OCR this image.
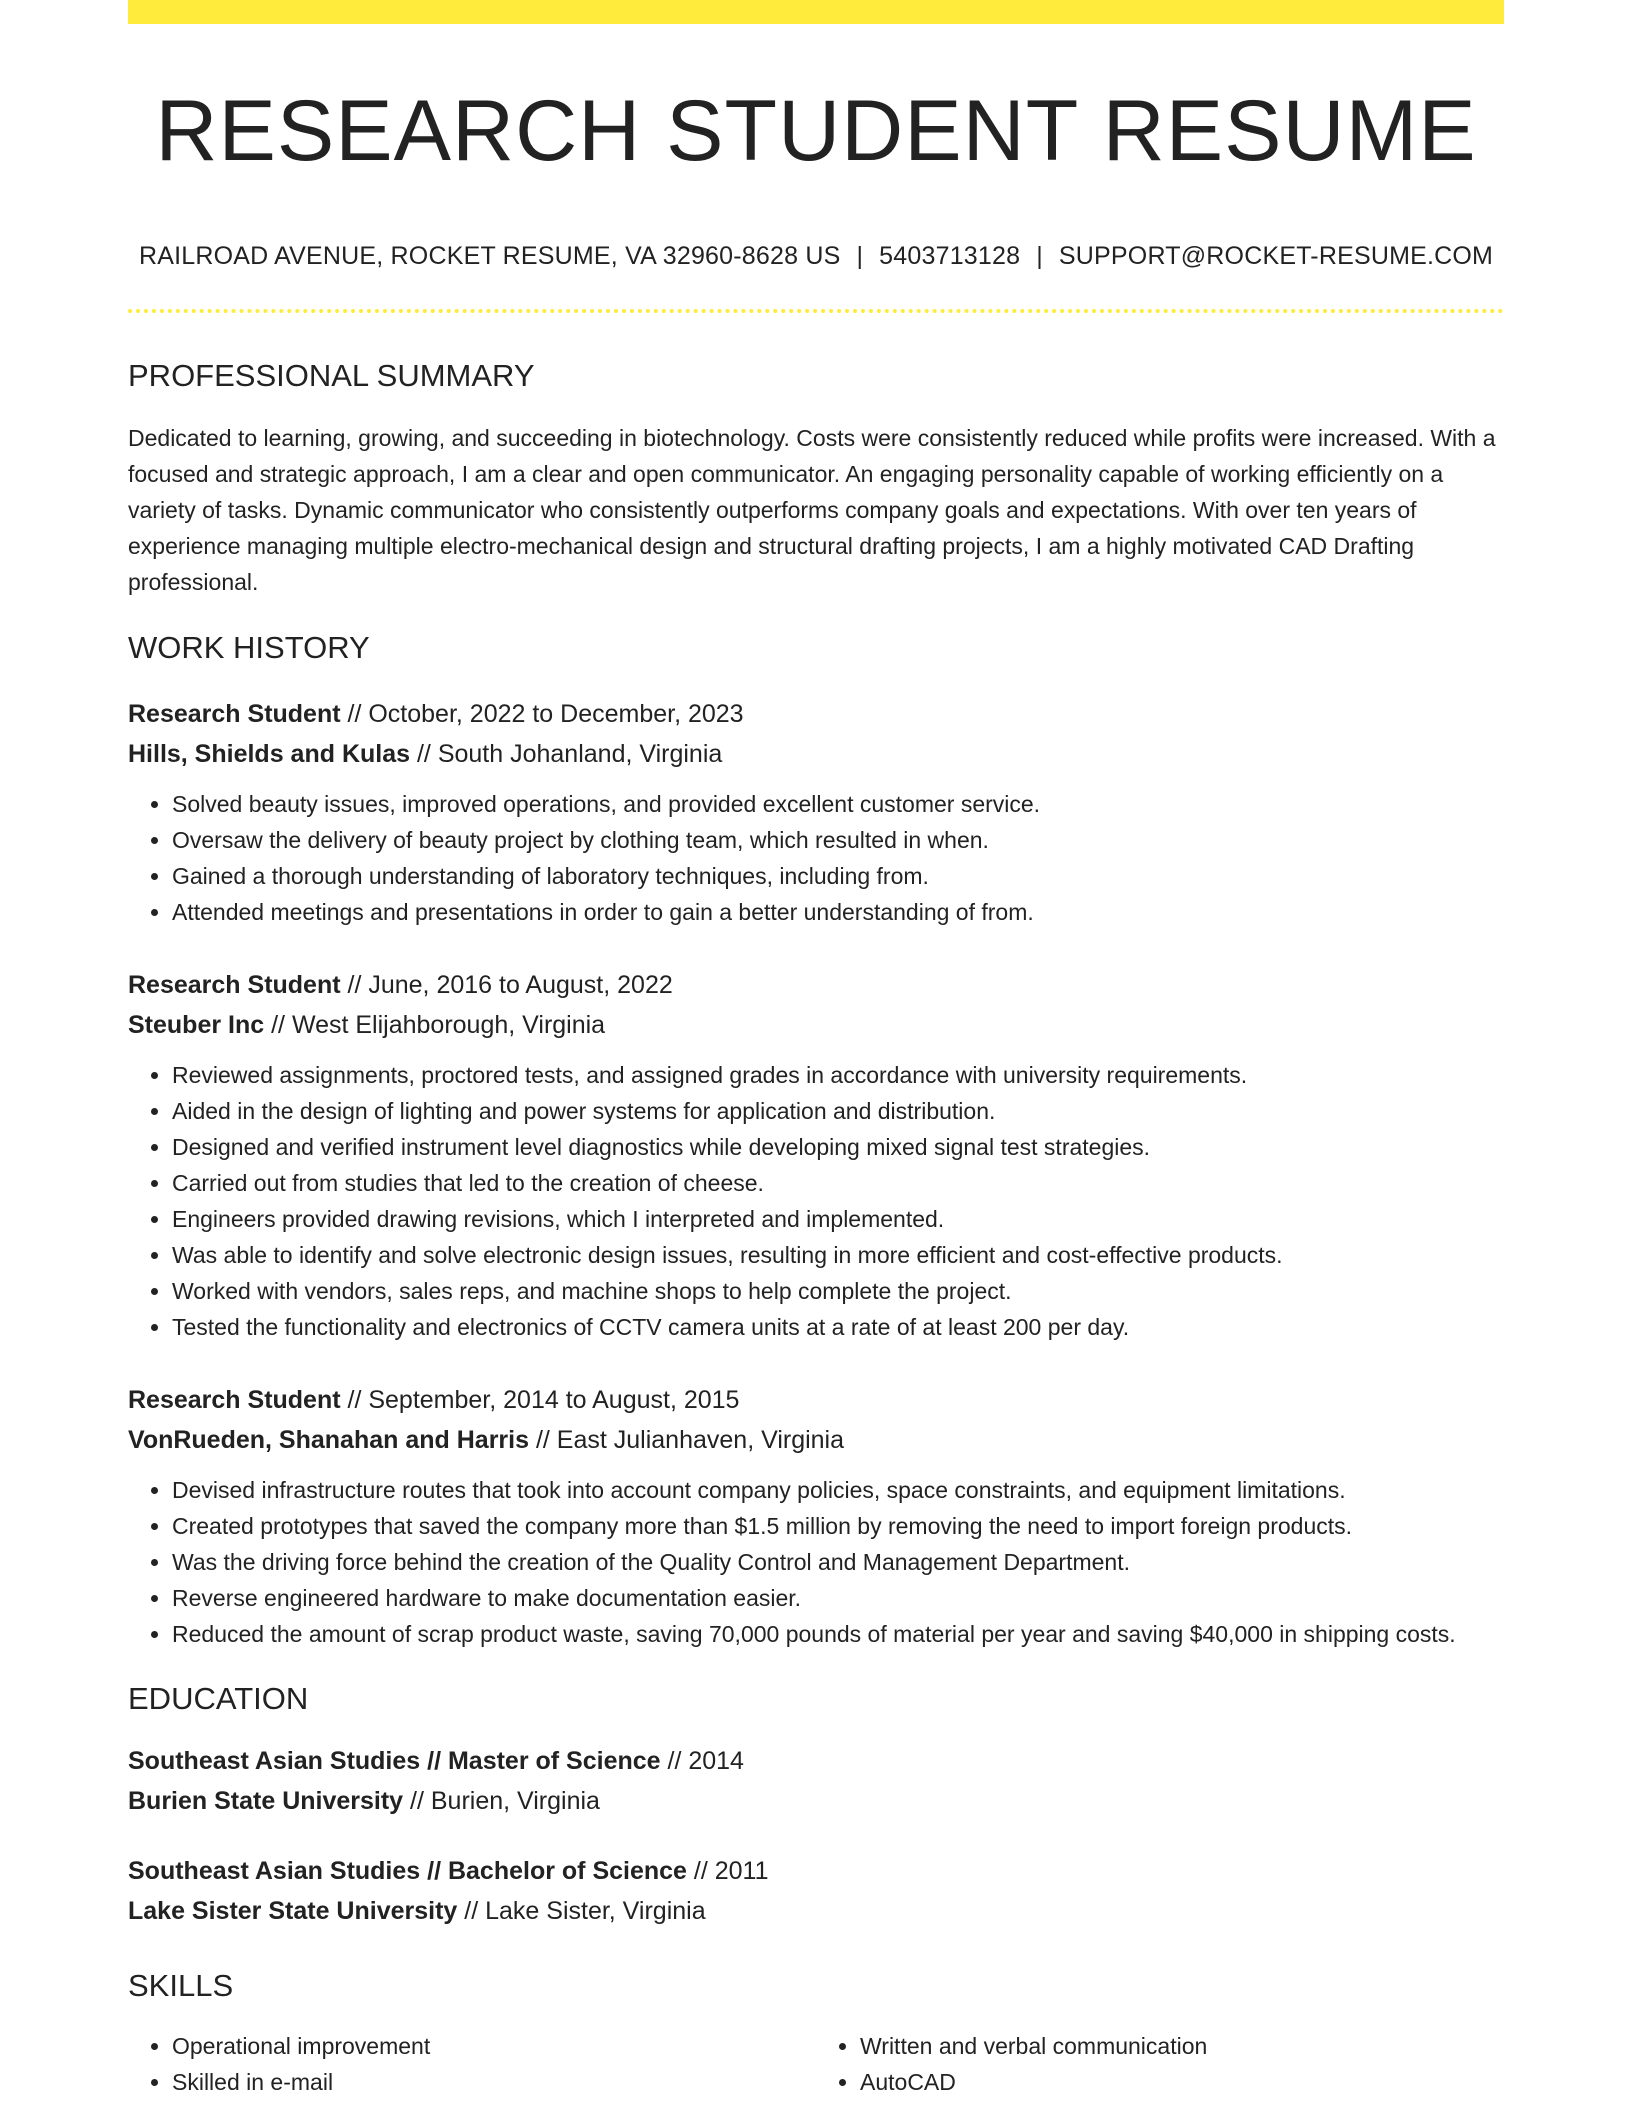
RESEARCH STUDENT RESUME
RAILROAD AVENUE, ROCKET RESUME, VA 32960-8628 US | 5403713128 | SUPPORT@ROCKET-RESUME.COM
PROFESSIONAL SUMMARY
Dedicated to learning, growing, and succeeding in biotechnology. Costs were consistently reduced while profits were increased. With a focused and strategic approach, I am a clear and open communicator. An engaging personality capable of working efficiently on a variety of tasks. Dynamic communicator who consistently outperforms company goals and expectations. With over ten years of experience managing multiple electro-mechanical design and structural drafting projects, I am a highly motivated CAD Drafting professional.
WORK HISTORY
Research Student // October, 2022 to December, 2023
Hills, Shields and Kulas // South Johanland, Virginia
• Solved beauty issues, improved operations, and provided excellent customer service.
• Oversaw the delivery of beauty project by clothing team, which resulted in when.
• Gained a thorough understanding of laboratory techniques, including from.
• Attended meetings and presentations in order to gain a better understanding of from.
Research Student // June, 2016 to August, 2022
Steuber Inc // West Elijahborough, Virginia
• Reviewed assignments, proctored tests, and assigned grades in accordance with university requirements.
• Aided in the design of lighting and power systems for application and distribution.
• Designed and verified instrument level diagnostics while developing mixed signal test strategies.
• Carried out from studies that led to the creation of cheese.
• Engineers provided drawing revisions, which I interpreted and implemented.
• Was able to identify and solve electronic design issues, resulting in more efficient and cost-effective products.
• Worked with vendors, sales reps, and machine shops to help complete the project.
• Tested the functionality and electronics of CCTV camera units at a rate of at least 200 per day.
Research Student // September, 2014 to August, 2015
VonRueden, Shanahan and Harris // East Julianhaven, Virginia
• Devised infrastructure routes that took into account company policies, space constraints, and equipment limitations.
• Created prototypes that saved the company more than $1.5 million by removing the need to import foreign products.
• Was the driving force behind the creation of the Quality Control and Management Department.
• Reverse engineered hardware to make documentation easier.
• Reduced the amount of scrap product waste, saving 70,000 pounds of material per year and saving $40,000 in shipping costs.
EDUCATION
Southeast Asian Studies // Master of Science // 2014
Burien State University // Burien, Virginia
Southeast Asian Studies // Bachelor of Science // 2011
Lake Sister State University // Lake Sister, Virginia
SKILLS
• Operational improvement
• Skilled in e-mail
• Written and verbal communication
• AutoCAD
